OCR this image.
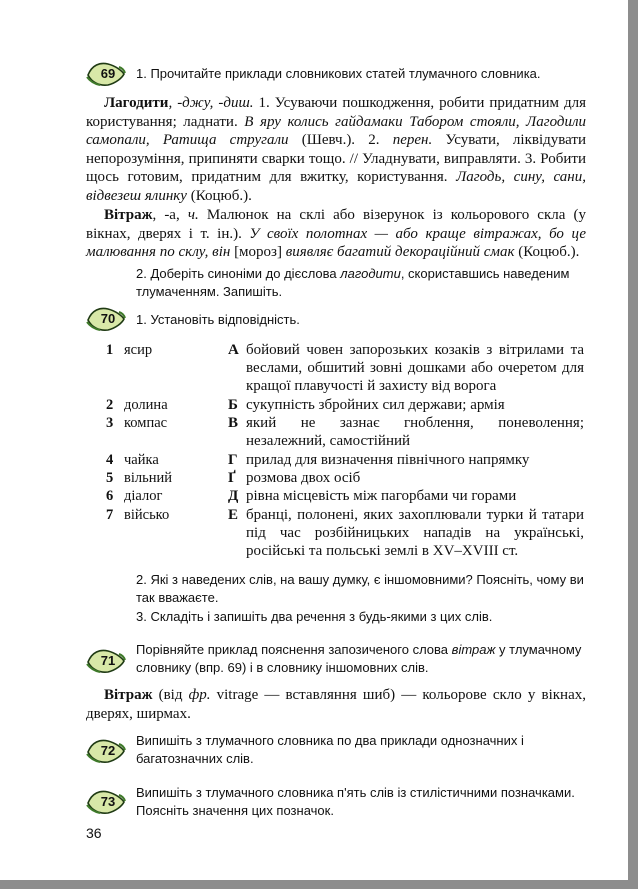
69	1. Прочитайте приклади словникових статей тлумачного словника.
Лагодити, -джу, -диш. 1. Усуваючи пошкодження, робити придатним для користування; ладнати. В яру колись гайдамаки Табором стояли, Лагодили самопали, Ратища стругали (Шевч.). 2. перен. Усувати, ліквідувати непорозуміння, припиняти сварки тощо. // Уладнувати, виправляти. 3. Робити щось готовим, придатним для вжитку, користування. Лагодь, сину, сани, відвезеш ялинку (Коцюб.).
Вітраж, -а, ч. Малюнок на склі або візерунок із кольорового скла (у вікнах, дверях і т. ін.). У своїх полотнах — або краще вітражах, бо це малювання по склу, він [мороз] виявляє багатий декораційний смак (Коцюб.).
2. Доберіть синоніми до дієслова лагодити, скориставшись наведеним тлумаченням. Запишіть.
70	1. Установіть відповідність.
1 ясир
2 долина
3 компас
4 чайка
5 вільний
6 діалог
7 військо
А бойовий човен запорозьких козаків з вітрилами та веслами, обшитий зовні дошками або очеретом для кращої плавучості й захисту від ворога
Б сукупність збройних сил держави; армія
В який не зазнає гноблення, поневолення; незалежний, самостійний
Г прилад для визначення північного напрямку
Ґ розмова двох осіб
Д рівна місцевість між пагорбами чи горами
Е бранці, полонені, яких захоплювали турки й татари під час розбійницьких нападів на українські, російські та польські землі в XV–XVIII ст.
2. Які з наведених слів, на вашу думку, є іншомовними? Поясніть, чому ви так вважаєте.
3. Складіть і запишіть два речення з будь-якими з цих слів.
71
Порівняйте приклад пояснення запозиченого слова вітраж у тлумачному словнику (впр. 69) і в словнику іншомовних слів.
Вітраж (від фр. vitrage — вставляння шиб) — кольорове скло у вікнах, дверях, ширмах.
72
Випишіть з тлумачного словника по два приклади однозначних і багатозначних слів.
73
Випишіть з тлумачного словника п'ять слів із стилістичними позначками. Поясніть значення цих позначок.
36
